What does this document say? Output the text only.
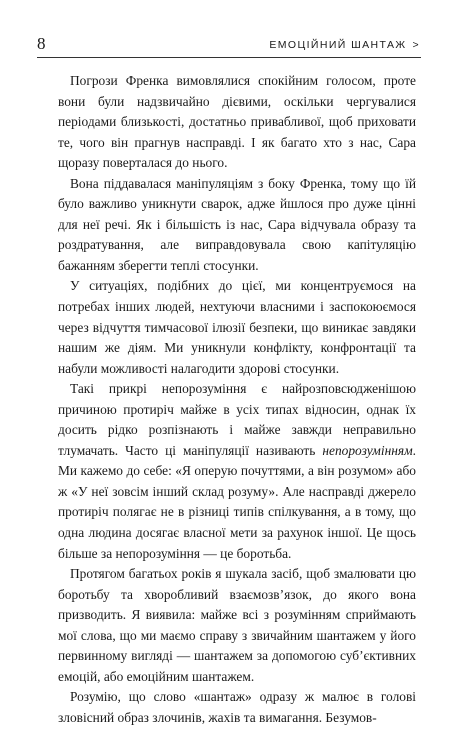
8	ЕМОЦІЙНИЙ ШАНТАЖ >

Погрози Френка вимовлялися спокійним голосом, проте вони були надзвичайно дієвими, оскільки чергувалися періодами близькості, достатньо привабливої, щоб приховати те, чого він прагнув насправді. І як багато хто з нас, Сара щоразу поверталася до нього.

Вона піддавалася маніпуляціям з боку Френка, тому що їй було важливо уникнути сварок, адже йшлося про дуже цінні для неї речі. Як і більшість із нас, Сара відчувала образу та роздратування, але виправдовувала свою капітуляцію бажанням зберегти теплі стосунки.

У ситуаціях, подібних до цієї, ми концентруємося на потребах інших людей, нехтуючи власними і заспокоюємося через відчуття тимчасової ілюзії безпеки, що виникає завдяки нашим же діям. Ми уникнули конфлікту, конфронтації та набули можливості налагодити здорові стосунки.

Такі прикрі непорозуміння є найрозповсюдженішою причиною протиріч майже в усіх типах відносин, однак їх досить рідко розпізнають і майже завжди неправильно тлумачать. Часто ці маніпуляції називають непорозумінням. Ми кажемо до себе: «Я оперую почуттями, а він розумом» або ж «У неї зовсім інший склад розуму». Але насправді джерело протиріч полягає не в різниці типів спілкування, а в тому, що одна людина досягає власної мети за рахунок іншої. Це щось більше за непорозуміння — це боротьба.

Протягом багатьох років я шукала засіб, щоб змалювати цю боротьбу та хворобливий взаємозв’язок, до якого вона призводить. Я виявила: майже всі з розумінням сприймають мої слова, що ми маємо справу з звичайним шантажем у його первинному вигляді — шантажем за допомогою суб’єктивних емоцій, або емоційним шантажем.

Розумію, що слово «шантаж» одразу ж малює в голові зловісний образ злочинів, жахів та вимагання. Безумов-
